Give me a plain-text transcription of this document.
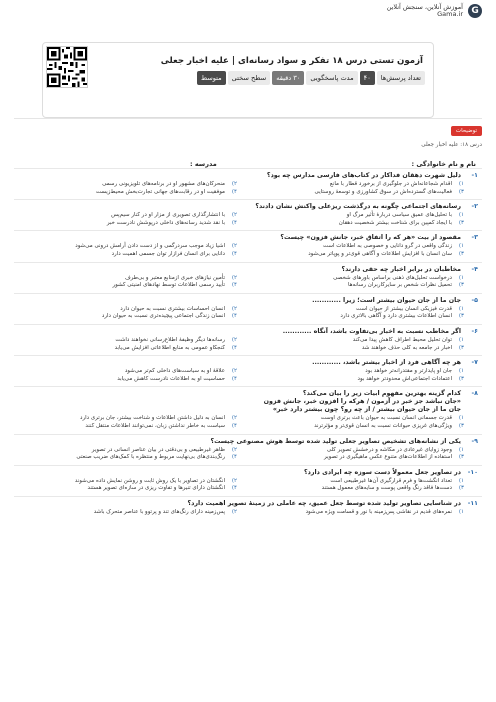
G
آموزش آنلاین، سنجش آنلاین
Gama.ir
آزمون تستی درس ۱۸ تفکر و سواد رسانه‌ای | علیه اخبار جعلی
تعداد پرسش‌ها
۴۰
مدت پاسخگویی
۳۰ دقیقه
سطح سختی
متوسط
توضیحات
درس ۱۸: علیه اخبار جعلی
نام و نام خانوادگی :
مدرسه :
۱-
دلیل شهرت دهقان فداکار در کتاب‌های فارسی مدارس چه بود؟
۱)
اقدام شجاعانه‌اش در جلوگیری از برخورد قطار با مانع
۲)
منحرکان‌های مشهور او در برنامه‌های تلویزیونی رسمی
۳)
فعالیت‌های گسترده‌اش در سوق کشاورزی و توسعهٔ روستایی
۴)
موفقیت او در رقابت‌های جهانی تجارت‌بخش محیط‌زیست
۲-
رسانه‌های اجتماعی چگونه به درگذشت ریزعلی واکنش نشان دادند؟
۱)
با تحلیل‌های عمیق سیاسی دربارهٔ تأثیر مرگ او
۲)
با انتشارگذاری تصویری از مزار او در کنار سیم‌پس
۳)
با ایجاد کمپین برای شناخت بیشتر شخصیت دهقان
۴)
با نقد شدید رسانه‌های داخلی درپوشش نادرست خبر
۳-
مقصود از بیت «هر که را اتفاق خبر، جانش فزون» چیست؟
۱)
زندگی واقعی در گرو دانایی و خصوصی به اطلاعات است
۲)
اشیا زیاد موجب سردرگمی و از دست دادن آرامش درونی می‌شود
۳)
سان انسان با افزایش اطلاعات و آگاهی قوی‌تر و پوپاتر می‌شود
۴)
دانایی برای انسان فرازار توان جسمی اهمیت دارد
۴-
مخاطبان در برابر اخبار چه حقی دارند؟
۱)
درخواست تحلیل‌های ذهنی براساس باورهای شخصی
۲)
تأمین نیازهای خبری ازمنابع معتبر و بی‌طرف
۳)
تحمیل نظرات شخص بر سایرکاربران رسانه‌ها
۴)
تأیید رسمی اطلاعات توسط نهادهای امنیتی کشور
۵-
جان ما از جان حیوان بیشتر است؛ زیرا ............
۱)
قدرت فیزیکی انسان بیشتر از حیوان است
۲)
انسان احساسات بیشتری نسبت به حیوان دارد
۳)
انسان اطلاعات بیشتری دارد و آگاهی بالاتری دارد
۴)
انسان زندگی اجتماعی پیچیده‌تری نسبت به حیوان دارد
۶-
اگر مخاطب نسبت به اخبار بی‌تفاوت باشد، آنگاه ............
۱)
توان تحلیل محیط اطراف کاهش پیدا می‌کند
۲)
رسانه‌ها دیگر وظیفهٔ اطلاع‌رسانی نخواهند داشت
۳)
اخبار در جامعه به کلی حذف خواهند شد
۴)
کنجکاو عمومی به منابع اطلاعاتی افزایش می‌یابد
۷-
هر چه آگاهی فرد از اخبار بیشتر باشد، ............
۱)
جان او پایدارتر و مقتدرانه‌تر خواهد بود
۲)
علاقهٔ او به سیاست‌های داخلی کم‌تر می‌شود
۳)
اعتمادات اجتماعی‌اش محدودتر خواهد بود
۴)
حساسیت او به اطلاعات نادرست کاهش می‌یابد
۸-
کدام گزینه بهترین مفهوم ابیات زیر را بیان می‌کند؟
«جان نباشد جز خبر در آزمون / هرکه را افزون خبر، جانش فزون
جان ما از جان حیوان بیشتر / از چه رو؟ چون بیشتر دارد خبر»
۱)
قدرت جسمانی انسان نسبت به حیوان باعث برتری اوست
۲)
انسان به دلیل داشتن اطلاعات و شناخت بیشتر، جان برتری دارد
۳)
ویژگی‌های غریزی حیوانات نسبت به انسان قوی‌تر و مؤثرترند
۴)
سیاست به خاطر نداشتن زبان، نمی‌توانند اطلاعات منتقل کنند
۹-
یکی از نشانه‌های تشخیص تصاویر جعلی تولید شده توسط هوش مصنوعی چیست؟
۱)
وجود زوایای غیرعادی در مکاشه و درخشش تصویر کلی
۲)
ظاهر غیرطبیعی و بی‌دقتی در بیان عناصر انسانی در تصویر
۳)
استفاده از اطلاعات‌های متنوع عکس ماهیگیری در تصویر
۴)
رنگ‌بندی‌های بی‌نهایت مربوط و منتظره با کمک‌های ضریب صنعتی
۱۰-
در تصاویر جعل معمولاً دست سوزه چه ایرادی دارد؟
۱)
تعداد انگشت‌ها و فرم قرارگیری آن‌ها غیرطبیعی است
۲)
انگشتان در تصاویر با یک روش ثابت و روشن نمایش داده می‌شوند
۳)
دست‌ها فاقد رنگ واقعی پوست و سایه‌های معمول هستند
۴)
انگشتان دارای تنیرها و تفاوت ریزی در سازه‌ای تصویر هستند
۱۱-
در شناسایی تصاویر تولید شده توسط جعل عمیق، چه عاملی در زمینهٔ تصویر اهمیت دارد؟
۱)
نمره‌های قدیم در نقاشی پس‌زمینه با نور و قسامت ویژه می‌شود
۲)
پس‌زمینه دارای رنگ‌های تند و پرتوو با عناصر متحرک باشد
